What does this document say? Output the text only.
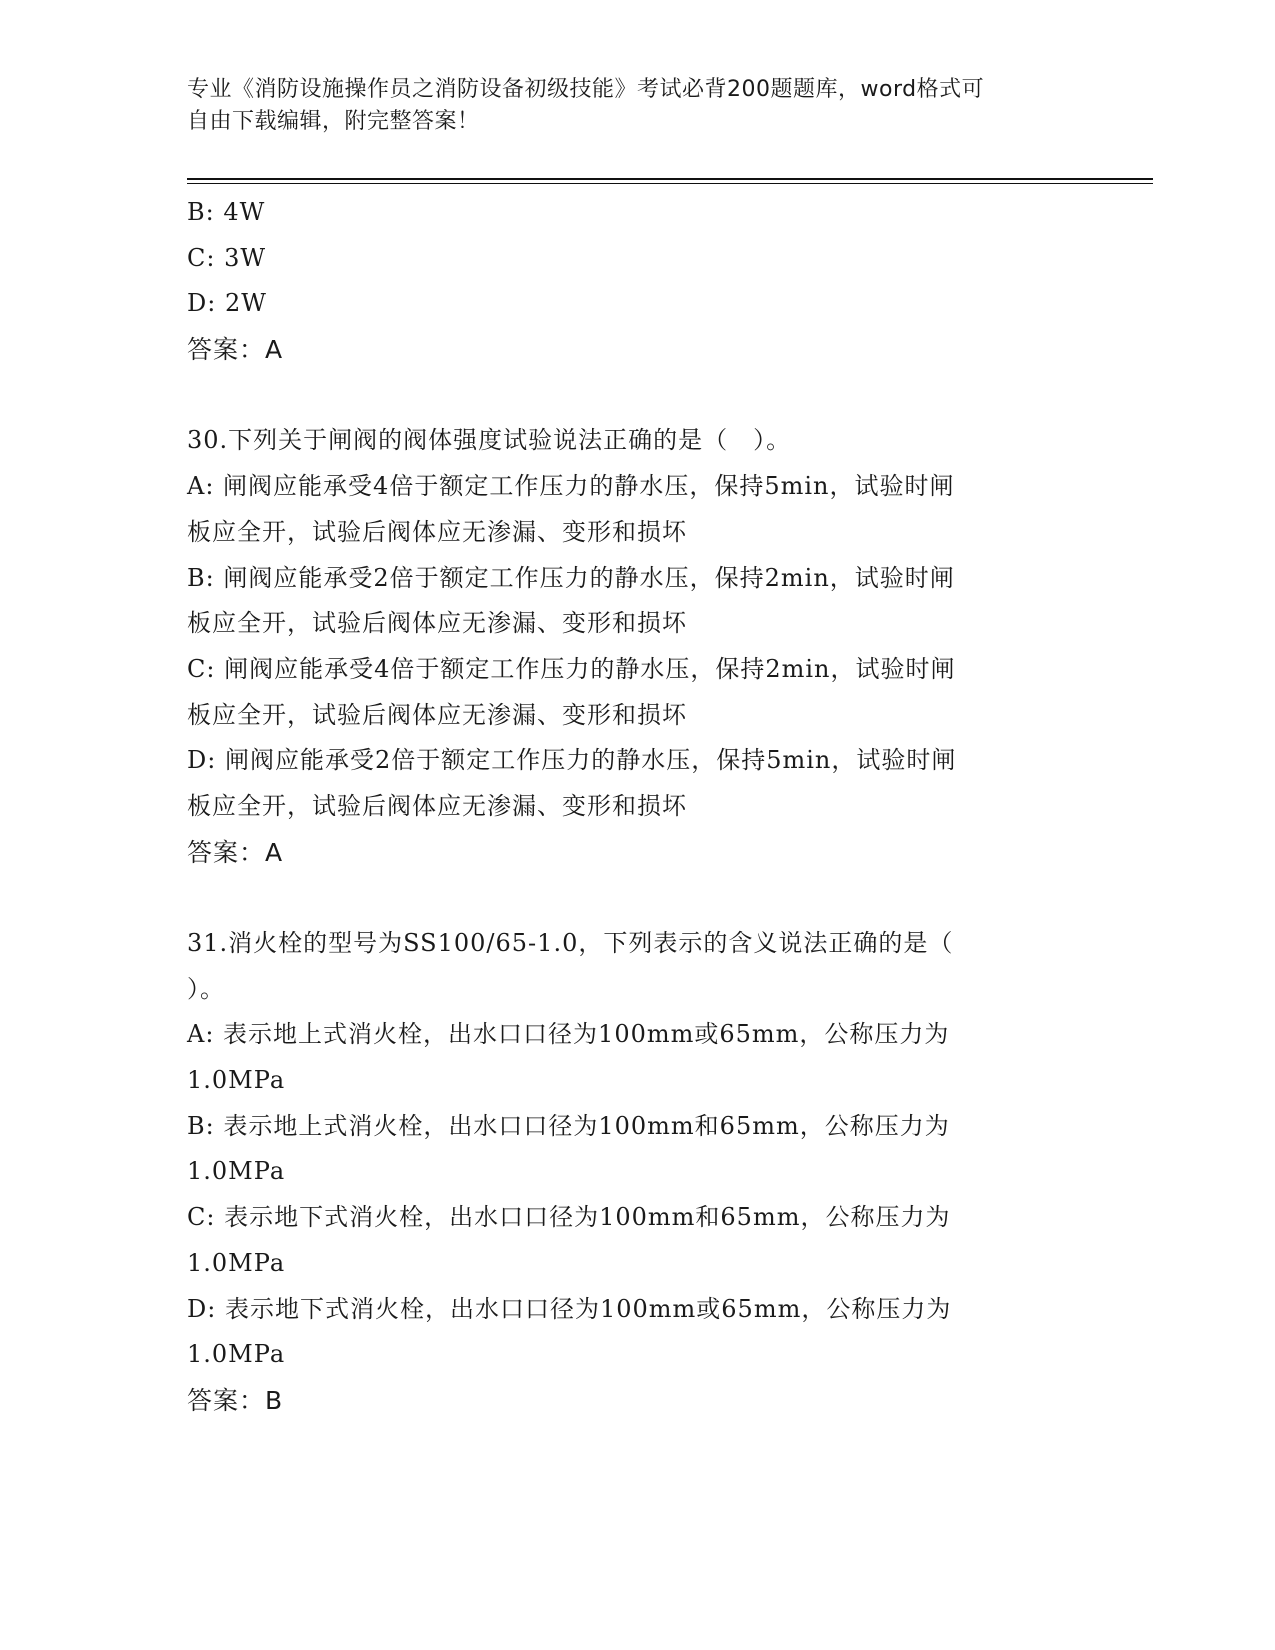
专业《消防设施操作员之消防设备初级技能》考试必背200题题库，word格式可
自由下载编辑，附完整答案！
B: 4W
C: 3W
D: 2W
答案：A
30.下列关于闸阀的阀体强度试验说法正确的是（　）。
A: 闸阀应能承受4倍于额定工作压力的静水压，保持5min，试验时闸
板应全开，试验后阀体应无渗漏、变形和损坏
B: 闸阀应能承受2倍于额定工作压力的静水压，保持2min，试验时闸
板应全开，试验后阀体应无渗漏、变形和损坏
C: 闸阀应能承受4倍于额定工作压力的静水压，保持2min，试验时闸
板应全开，试验后阀体应无渗漏、变形和损坏
D: 闸阀应能承受2倍于额定工作压力的静水压，保持5min，试验时闸
板应全开，试验后阀体应无渗漏、变形和损坏
答案：A
31.消火栓的型号为SS100/65-1.0，下列表示的含义说法正确的是（
）。
A: 表示地上式消火栓，出水口口径为100mm或65mm，公称压力为
1.0MPa
B: 表示地上式消火栓，出水口口径为100mm和65mm，公称压力为
1.0MPa
C: 表示地下式消火栓，出水口口径为100mm和65mm，公称压力为
1.0MPa
D: 表示地下式消火栓，出水口口径为100mm或65mm，公称压力为
1.0MPa
答案：B
